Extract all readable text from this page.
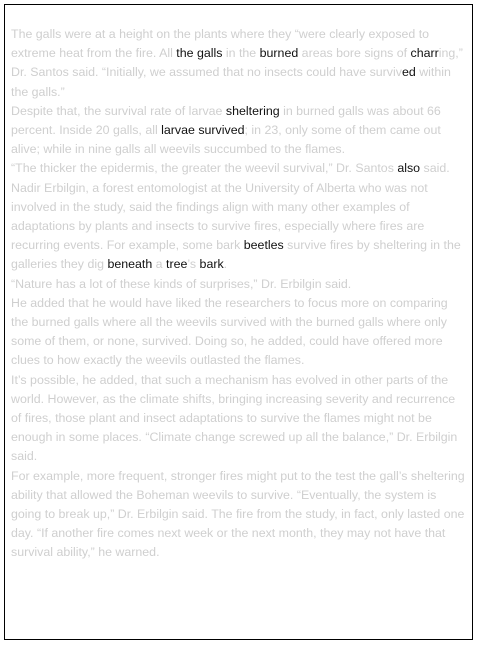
The galls were at a height on the plants where they “were clearly exposed to extreme heat from the fire. All the galls in the burned areas bore signs of charring,” Dr. Santos said. “Initially, we assumed that no insects could have survived within the galls.”

Despite that, the survival rate of larvae sheltering in burned galls was about 66 percent. Inside 20 galls, all larvae survived; in 23, only some of them came out alive; while in nine galls all weevils succumbed to the flames.

“The thicker the epidermis, the greater the weevil survival,” Dr. Santos also said.

Nadir Erbilgin, a forest entomologist at the University of Alberta who was not involved in the study, said the findings align with many other examples of adaptations by plants and insects to survive fires, especially where fires are recurring events. For example, some bark beetles survive fires by sheltering in the galleries they dig beneath a tree’s bark.

“Nature has a lot of these kinds of surprises,” Dr. Erbilgin said.

He added that he would have liked the researchers to focus more on comparing the burned galls where all the weevils survived with the burned galls where only some of them, or none, survived. Doing so, he added, could have offered more clues to how exactly the weevils outlasted the flames.

It’s possible, he added, that such a mechanism has evolved in other parts of the world. However, as the climate shifts, bringing increasing severity and recurrence of fires, those plant and insect adaptations to survive the flames might not be enough in some places. “Climate change screwed up all the balance,” Dr. Erbilgin said.

For example, more frequent, stronger fires might put to the test the gall’s sheltering ability that allowed the Boheman weevils to survive. “Eventually, the system is going to break up,” Dr. Erbilgin said. The fire from the study, in fact, only lasted one day. “If another fire comes next week or the next month, they may not have that survival ability,” he warned.
